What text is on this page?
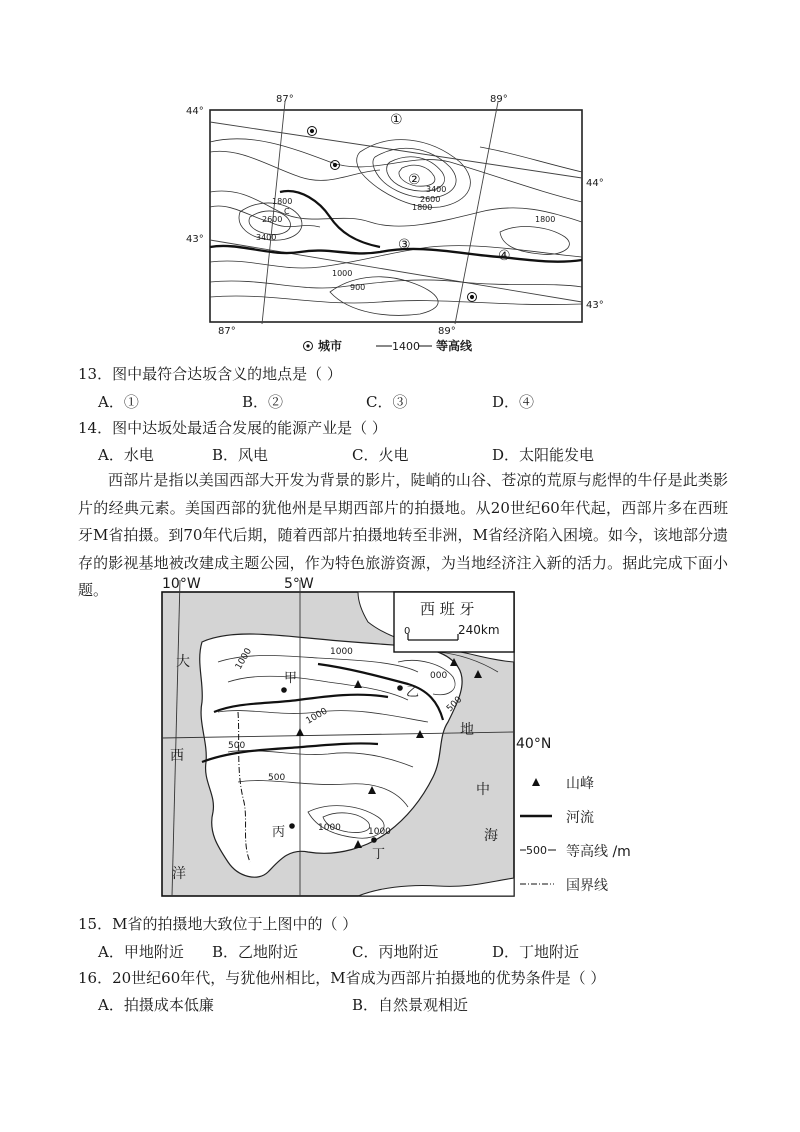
3400
2600
1800
1800
2600
3400
1000
900
1800
C
87°	89°
87°	89°
44°
44°
43°
43°
①
②
③
④
城市	1400 等高线
13．图中最符合达坂含义的地点是（ ）
A．①	B．②	C．③	D．④
14．图中达坂处最适合发展的能源产业是（ ）
A．水电	B．风电	C．火电	D．太阳能发电
西部片是指以美国西部大开发为背景的影片，陡峭的山谷、苍凉的荒原与彪悍的牛仔是此类影片的经典元素。美国西部的犹他州是早期西部片的拍摄地。从20世纪60年代起，西部片多在西班牙M省拍摄。到70年代后期，随着西部片拍摄地转至非洲，M省经济陷入困境。如今，该地部分遗存的影视基地被改建成主题公园，作为特色旅游资源，为当地经济注入新的活力。据此完成下面小题。
1000
1000
1000
500
500
500
1000
1000
000
10°W	5°W
40°N
大
西
洋
地
中
海
甲
乙
丙
丁
西 班 牙
0	240km
山峰
河流
500 等高线 /m
国界线
15．M省的拍摄地大致位于上图中的（ ）
A．甲地附近 B．乙地附近	C．丙地附近	D．丁地附近
16．20世纪60年代，与犹他州相比，M省成为西部片拍摄地的优势条件是（ ）
A．拍摄成本低廉	B．自然景观相近
